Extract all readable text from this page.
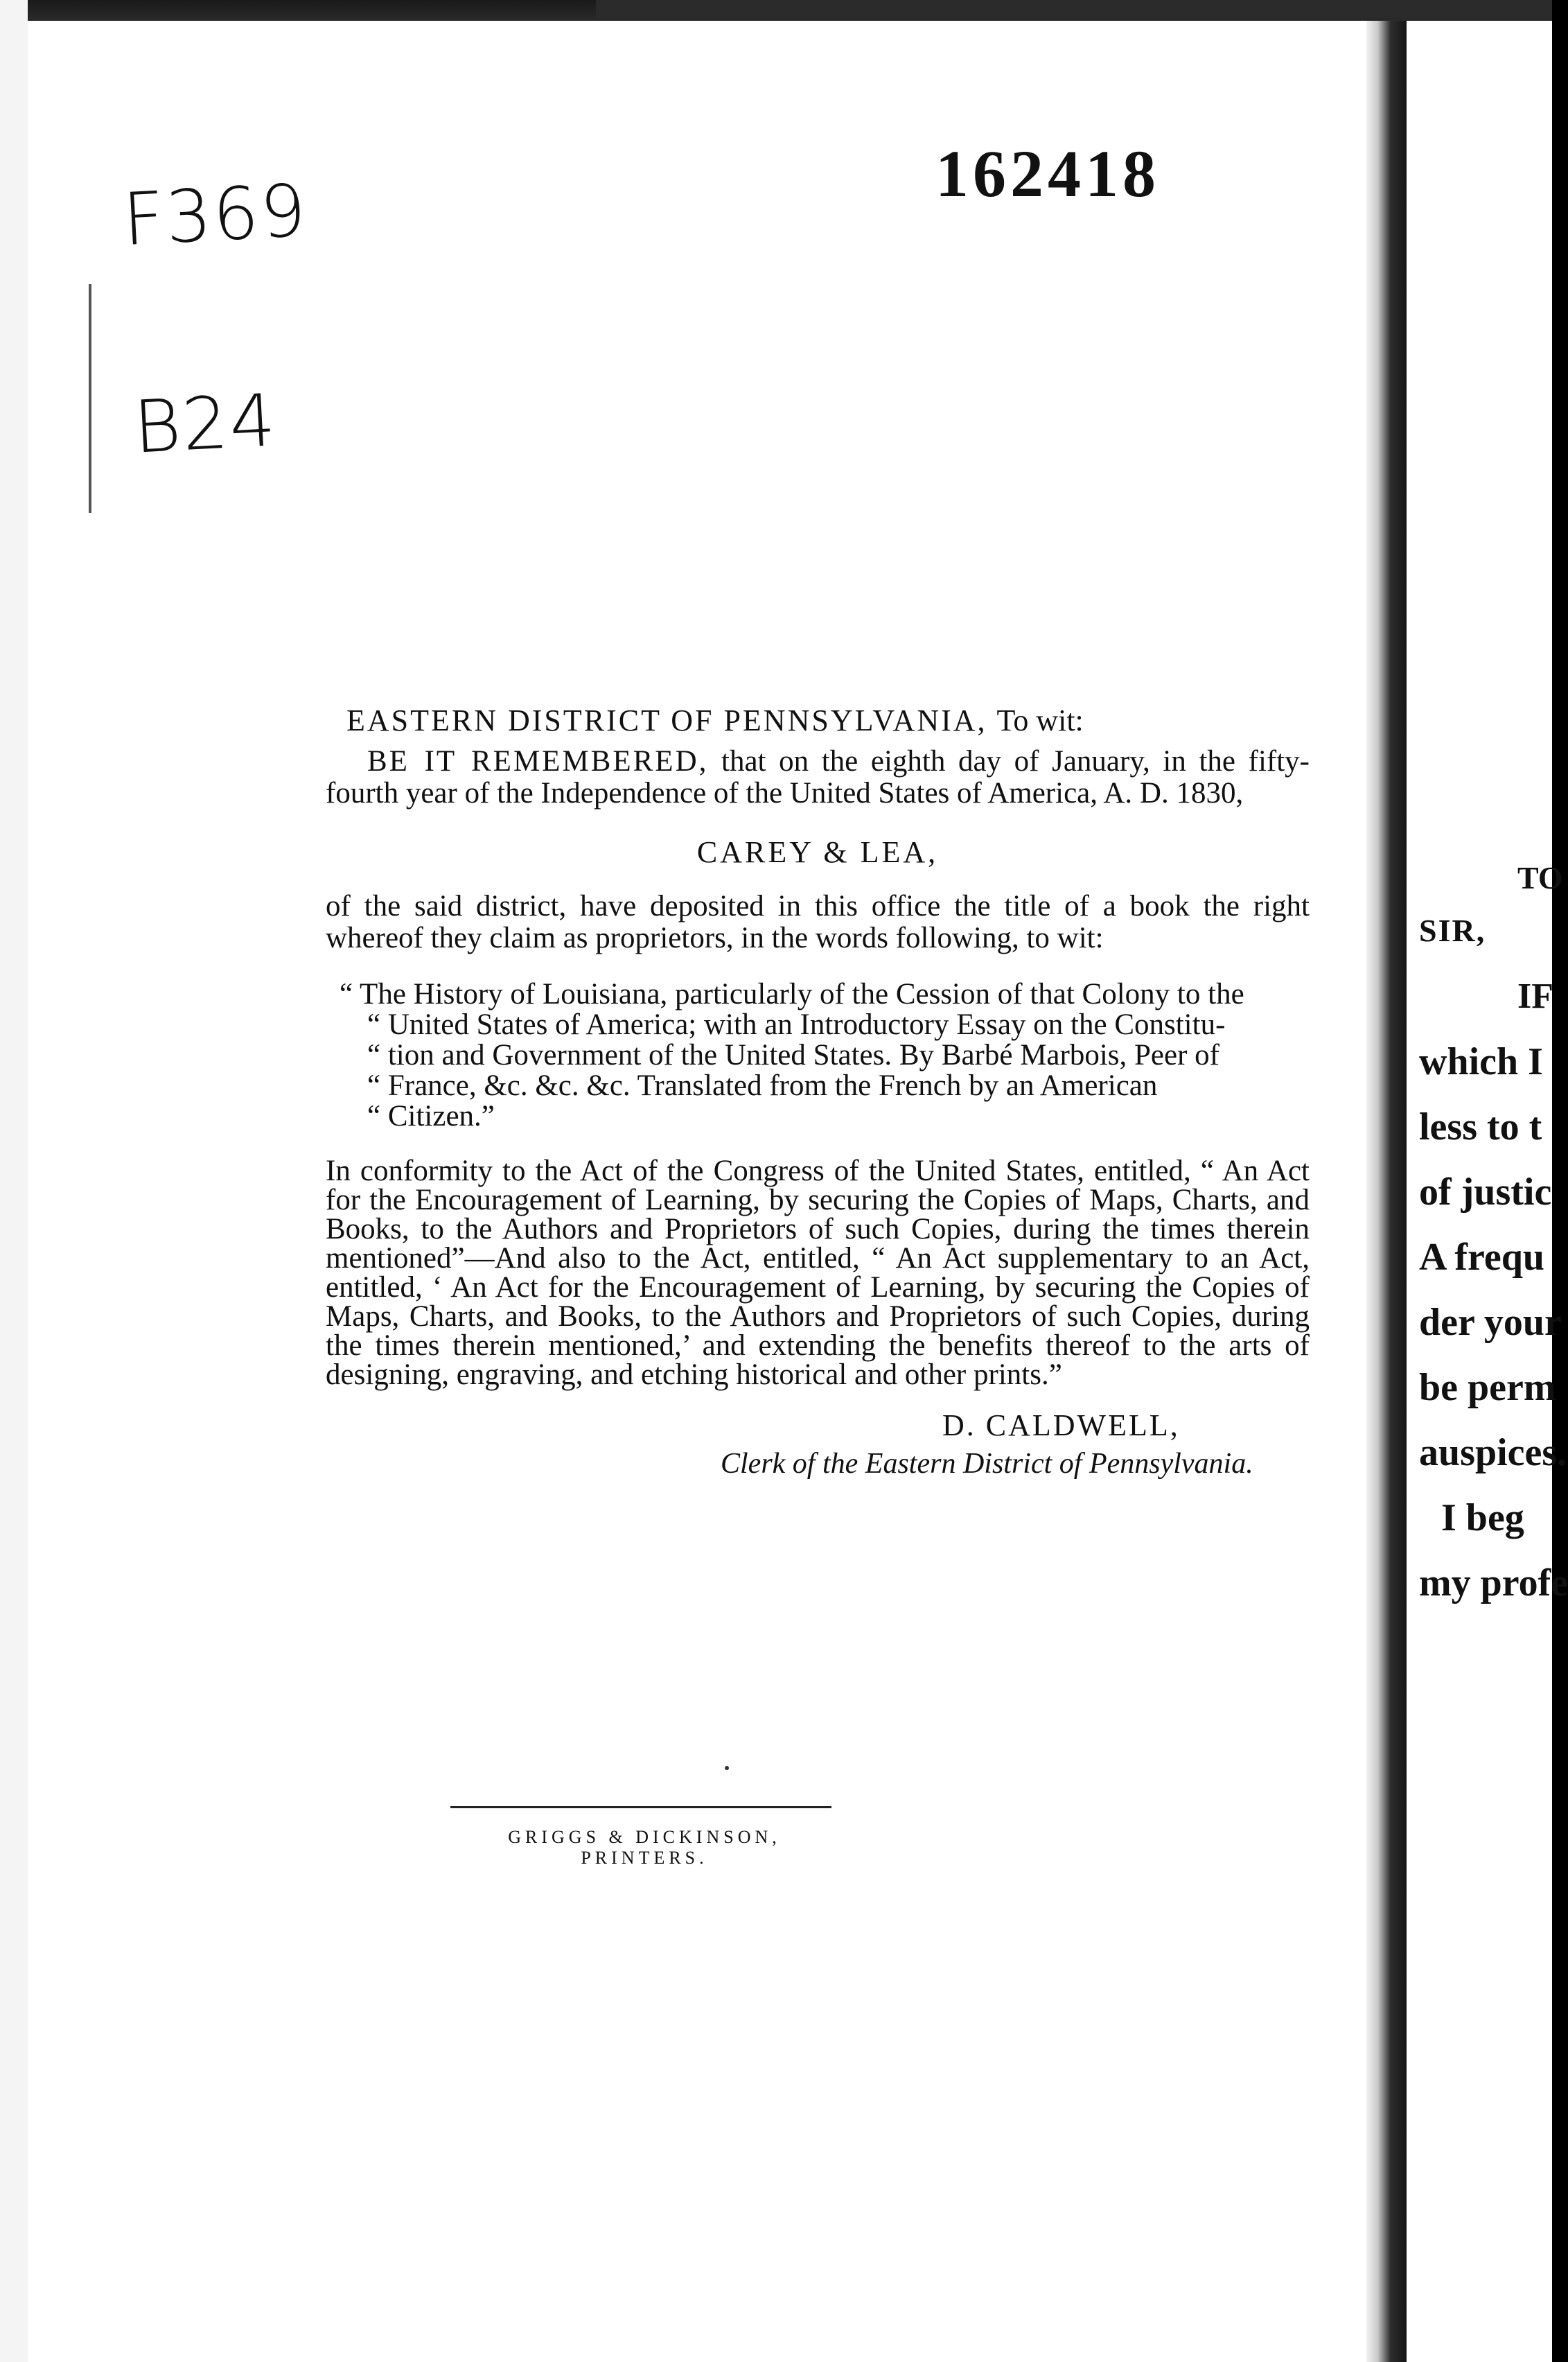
F369

B24

162418

EASTERN DISTRICT OF PENNSYLVANIA, To wit:

BE IT REMEMBERED, that on the eighth day of January, in the fifty-fourth year of the Independence of the United States of America, A. D. 1830,

CAREY & LEA,

of the said district, have deposited in this office the title of a book the right whereof they claim as proprietors, in the words following, to wit:

“ The History of Louisiana, particularly of the Cession of that Colony to the
“ United States of America; with an Introductory Essay on the Constitu-
“ tion and Government of the United States. By Barbé Marbois, Peer of
“ France, &c. &c. &c. Translated from the French by an American
“ Citizen.”

In conformity to the Act of the Congress of the United States, entitled, “ An Act for the Encouragement of Learning, by securing the Copies of Maps, Charts, and Books, to the Authors and Proprietors of such Copies, during the times therein mentioned”—And also to the Act, entitled, “ An Act supplementary to an Act, entitled, ‘ An Act for the Encouragement of Learning, by securing the Copies of Maps, Charts, and Books, to the Authors and Proprietors of such Copies, during the times therein mentioned,’ and extending the benefits thereof to the arts of designing, engraving, and etching historical and other prints.”

D. CALDWELL,

Clerk of the Eastern District of Pennsylvania.

GRIGGS & DICKINSON, PRINTERS.
TO
SIR,
IF
which I
less to t
of justic
A frequ
der your
be perm
auspices.
I beg
my profe
